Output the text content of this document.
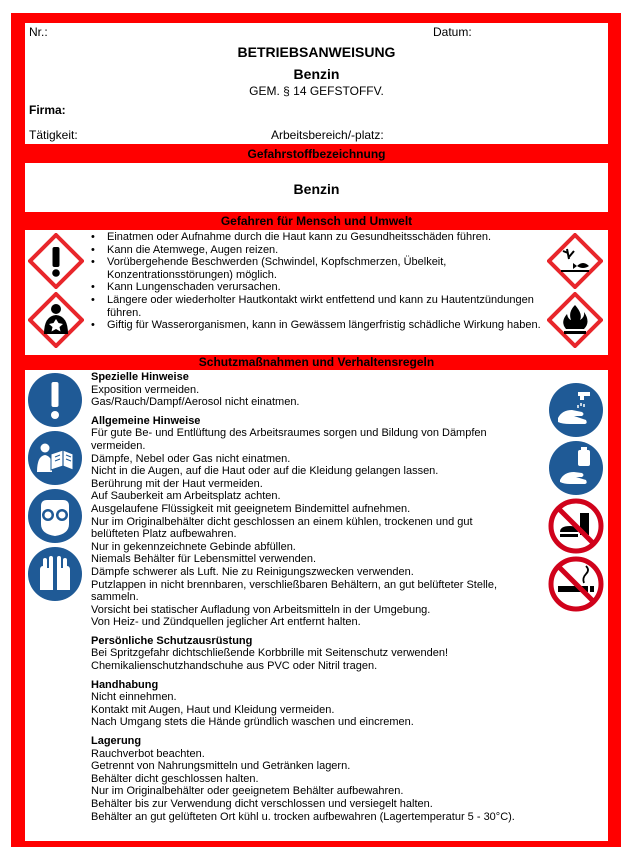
Nr.:	Datum:
BETRIEBSANWEISUNG
Benzin
GEM. § 14 GEFSTOFFV.
Firma:
Tätigkeit:	Arbeitsbereich/-platz:
Gefahrstoffbezeichnung
Benzin
Gefahren für Mensch und Umwelt
• Einatmen oder Aufnahme durch die Haut kann zu Gesundheitsschäden führen.
• Kann die Atemwege, Augen reizen.
• Vorübergehende Beschwerden (Schwindel, Kopfschmerzen, Übelkeit, Konzentrationsstörungen) möglich.
• Kann Lungenschaden verursachen.
• Längere oder wiederholter Hautkontakt wirkt entfettend und kann zu Hautentzündungen führen.
• Giftig für Wasserorganismen, kann in Gewässem längerfristig schädliche Wirkung haben.
Schutzmaßnahmen und Verhaltensregeln
Spezielle Hinweise
Exposition vermeiden.
Gas/Rauch/Dampf/Aerosol nicht einatmen.
Allgemeine Hinweise
Für gute Be- und Entlüftung des Arbeitsraumes sorgen und Bildung von Dämpfen
vermeiden.
Dämpfe, Nebel oder Gas nicht einatmen.
Nicht in die Augen, auf die Haut oder auf die Kleidung gelangen lassen.
Berührung mit der Haut vermeiden.
Auf Sauberkeit am Arbeitsplatz achten.
Ausgelaufene Flüssigkeit mit geeignetem Bindemittel aufnehmen.
Nur im Originalbehälter dicht geschlossen an einem kühlen, trockenen und gut
belüfteten Platz aufbewahren.
Nur in gekennzeichnete Gebinde abfüllen.
Niemals Behälter für Lebensmittel verwenden.
Dämpfe schwerer als Luft. Nie zu Reinigungszwecken verwenden.
Putzlappen in nicht brennbaren, verschließbaren Behältern, an gut belüfteter Stelle,
sammeln.
Vorsicht bei statischer Aufladung von Arbeitsmitteln in der Umgebung.
Von Heiz- und Zündquellen jeglicher Art entfernt halten.
Persönliche Schutzausrüstung
Bei Spritzgefahr dichtschließende Korbbrille mit Seitenschutz verwenden!
Chemikalienschutzhandschuhe aus PVC oder Nitril tragen.
Handhabung
Nicht einnehmen.
Kontakt mit Augen, Haut und Kleidung vermeiden.
Nach Umgang stets die Hände gründlich waschen und eincremen.
Lagerung
Rauchverbot beachten.
Getrennt von Nahrungsmitteln und Getränken lagern.
Behälter dicht geschlossen halten.
Nur im Originalbehälter oder geeignetem Behälter aufbewahren.
Behälter bis zur Verwendung dicht verschlossen und versiegelt halten.
Behälter an gut gelüfteten Ort kühl u. trocken aufbewahren (Lagertemperatur 5 - 30°C).
